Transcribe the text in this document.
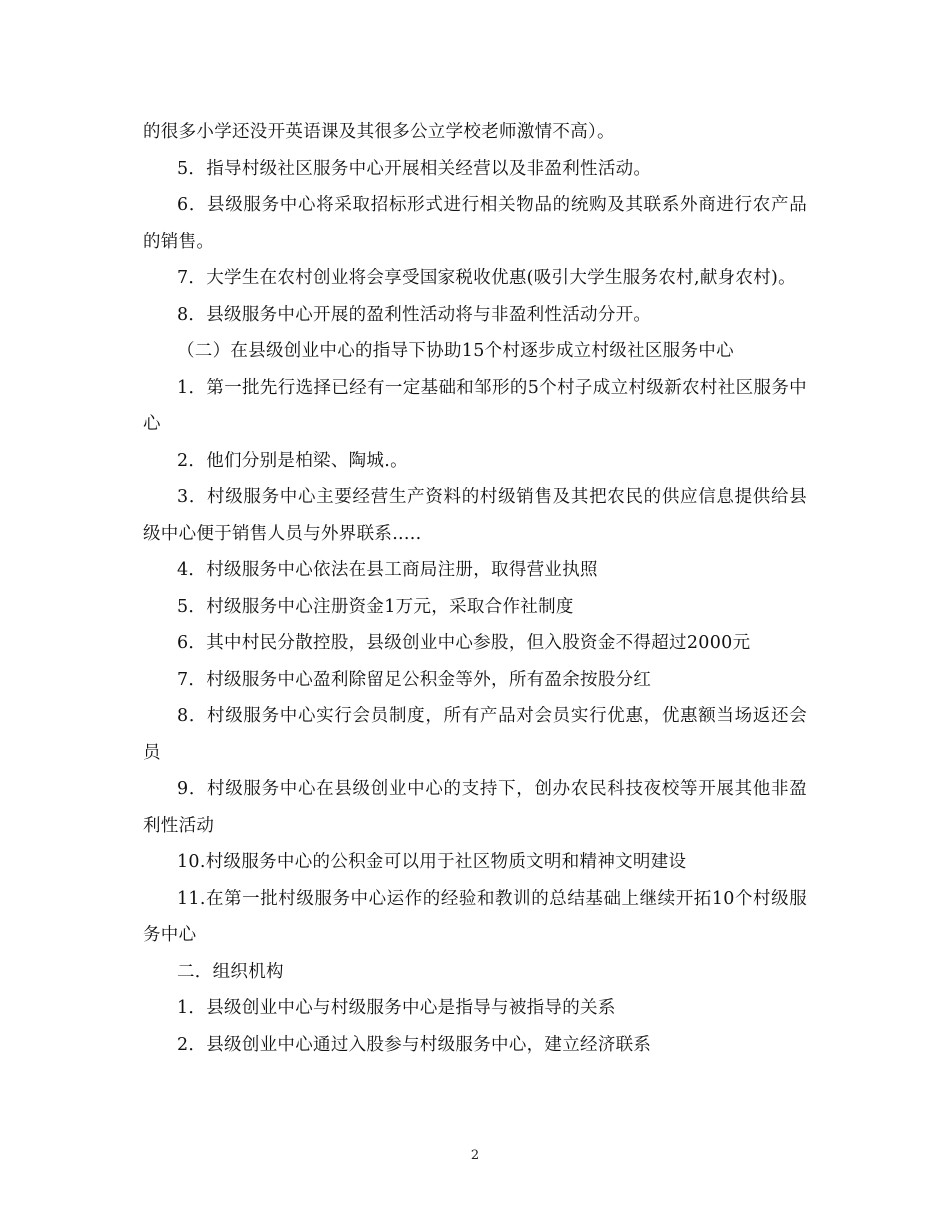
的很多小学还没开英语课及其很多公立学校老师激情不高）。

5．指导村级社区服务中心开展相关经营以及非盈利性活动。

6．县级服务中心将采取招标形式进行相关物品的统购及其联系外商进行农产品的销售。

7．大学生在农村创业将会享受国家税收优惠(吸引大学生服务农村,献身农村)。

8．县级服务中心开展的盈利性活动将与非盈利性活动分开。

（二）在县级创业中心的指导下协助15个村逐步成立村级社区服务中心

1．第一批先行选择已经有一定基础和邹形的5个村子成立村级新农村社区服务中心

2．他们分别是柏梁、陶城.。

3．村级服务中心主要经营生产资料的村级销售及其把农民的供应信息提供给县级中心便于销售人员与外界联系.....

4．村级服务中心依法在县工商局注册，取得营业执照

5．村级服务中心注册资金1万元，采取合作社制度

6．其中村民分散控股，县级创业中心参股，但入股资金不得超过2000元

7．村级服务中心盈利除留足公积金等外，所有盈余按股分红

8．村级服务中心实行会员制度，所有产品对会员实行优惠，优惠额当场返还会员

9．村级服务中心在县级创业中心的支持下，创办农民科技夜校等开展其他非盈利性活动

10.村级服务中心的公积金可以用于社区物质文明和精神文明建设

11.在第一批村级服务中心运作的经验和教训的总结基础上继续开拓10个村级服务中心

二．组织机构

1．县级创业中心与村级服务中心是指导与被指导的关系

2．县级创业中心通过入股参与村级服务中心，建立经济联系

2
